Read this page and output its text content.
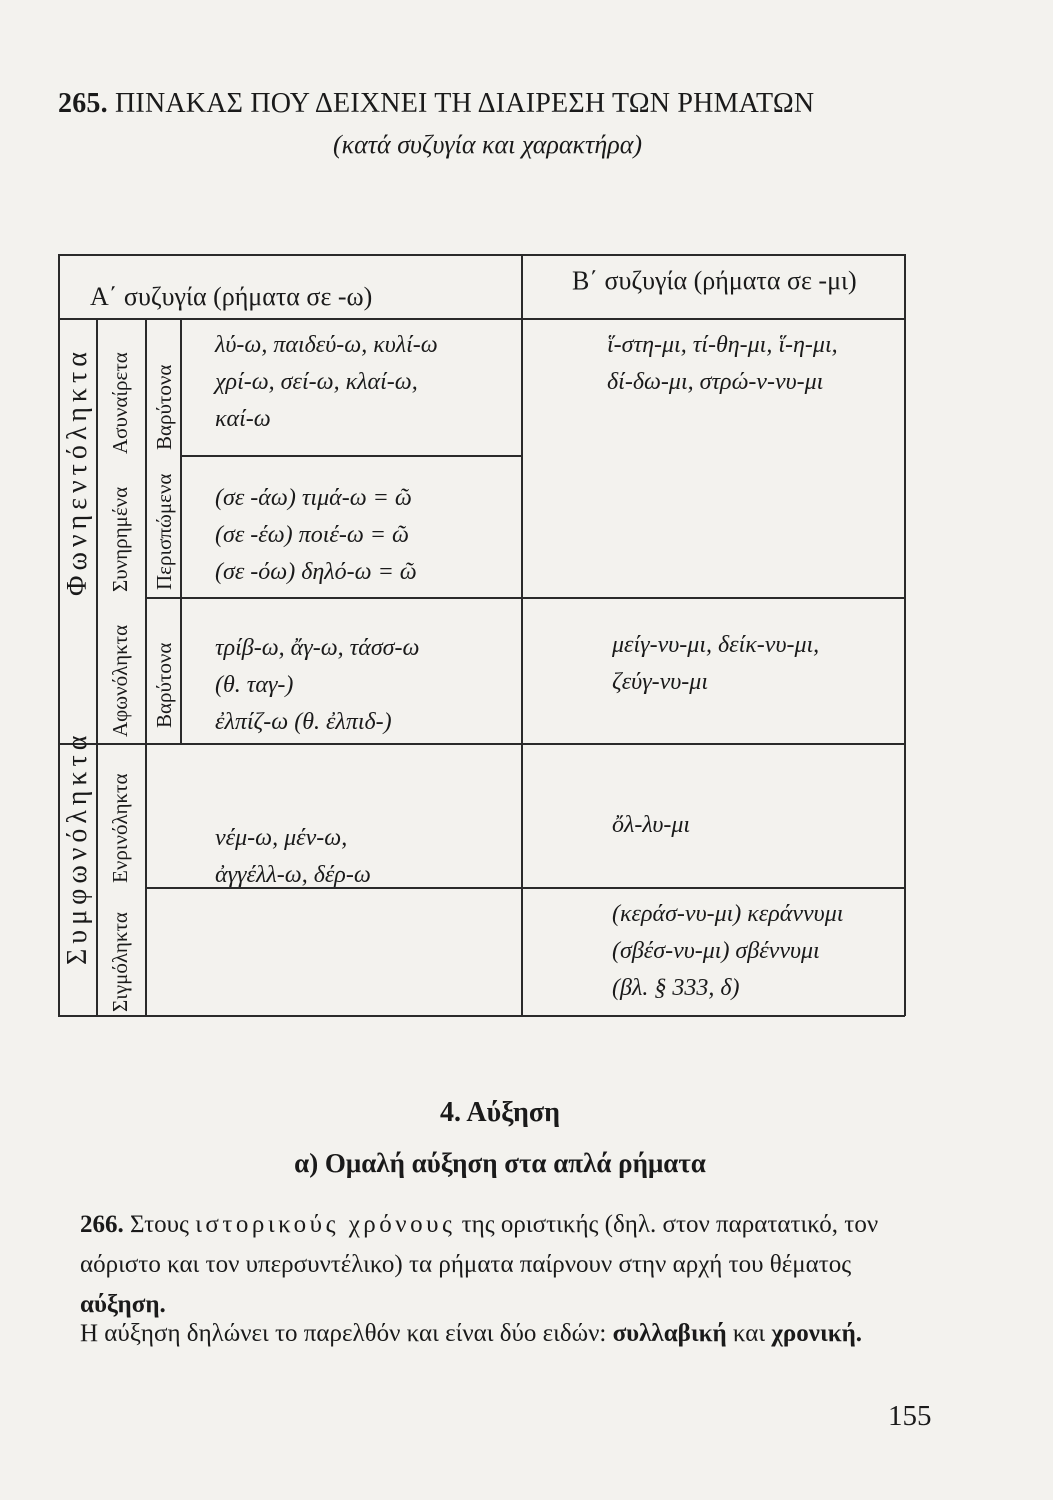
265. ΠΙΝΑΚΑΣ ΠΟΥ ΔΕΙΧΝΕΙ ΤΗ ΔΙΑΙΡΕΣΗ ΤΩΝ ΡΗΜΑΤΩΝ
(κατά συζυγία και χαρακτήρα)
Α΄ συζυγία (ρήματα σε -ω)
Β΄ συζυγία (ρήματα σε -μι)
Φωνηεντόληκτα
Συμφωνόληκτα
Ασυναίρετα
Συνηρημένα
Αφωνόληκτα
Ενρινόληκτα
Σιγμόληκτα
Βαρύτονα
Περισπώμενα
Βαρύτονα
λύ-ω, παιδεύ-ω, κυλί-ω
χρί-ω, σεί-ω, κλαί-ω,
καί-ω
ἵ-στη-μι, τί-θη-μι, ἵ-η-μι,
δί-δω-μι, στρώ-ν-νυ-μι
(σε -άω) τιμά-ω = ῶ
(σε -έω) ποιέ-ω = ῶ
(σε -όω) δηλό-ω = ῶ
τρίβ-ω, ἄγ-ω, τάσσ-ω
(θ. ταγ-)
ἐλπίζ-ω (θ. ἐλπιδ-)
μείγ-νυ-μι, δείκ-νυ-μι,
ζεύγ-νυ-μι
νέμ-ω, μέν-ω,
ἀγγέλλ-ω, δέρ-ω
ὄλ-λυ-μι
(κεράσ-νυ-μι) κεράννυμι
(σβέσ-νυ-μι) σβέννυμι
(βλ. § 333, δ)
4. Αύξηση
α) Ομαλή αύξηση στα απλά ρήματα
266. Στους ιστορικούς χρόνους της οριστικής (δηλ. στον παρατατικό, τον αόριστο και τον υπερσυντέλικο) τα ρήματα παίρνουν στην αρχή του θέματος αύξηση.
Η αύξηση δηλώνει το παρελθόν και είναι δύο ειδών: συλλαβική και χρονική.
155
